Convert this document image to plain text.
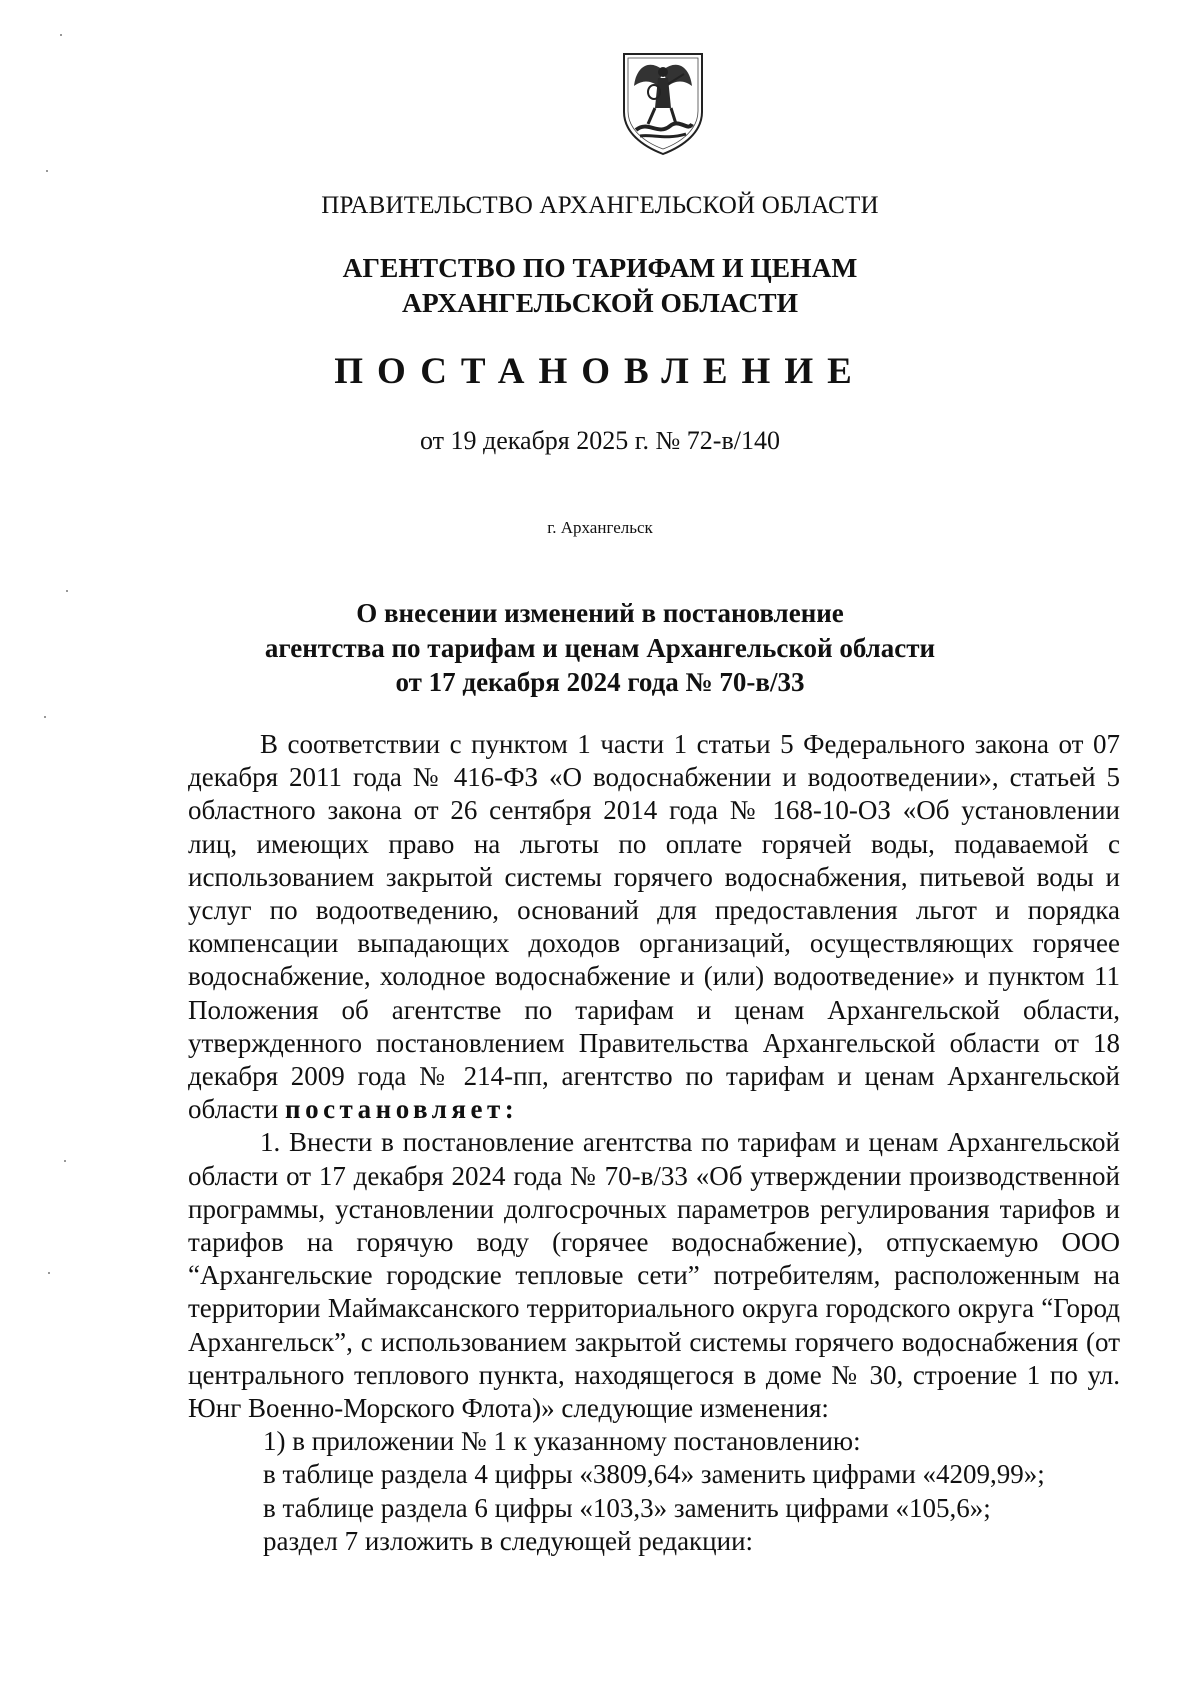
ПРАВИТЕЛЬСТВО АРХАНГЕЛЬСКОЙ ОБЛАСТИ
АГЕНТСТВО ПО ТАРИФАМ И ЦЕНАМ
АРХАНГЕЛЬСКОЙ ОБЛАСТИ
ПОСТАНОВЛЕНИЕ
от 19 декабря 2025 г. № 72-в/140
г. Архангельск
О внесении изменений в постановление
агентства по тарифам и ценам Архангельской области
от 17 декабря 2024 года № 70-в/33

В соответствии с пунктом 1 части 1 статьи 5 Федерального закона от 07 декабря 2011 года № 416-ФЗ «О водоснабжении и водоотведении», статьей 5 областного закона от 26 сентября 2014 года № 168-10-ОЗ «Об установлении лиц, имеющих право на льготы по оплате горячей воды, подаваемой с использованием закрытой системы горячего водоснабжения, питьевой воды и услуг по водоотведению, оснований для предоставления льгот и порядка компенсации выпадающих доходов организаций, осуществляющих горячее водоснабжение, холодное водоснабжение и (или) водоотведение» и пунктом 11 Положения об агентстве по тарифам и ценам Архангельской области, утвержденного постановлением Правительства Архангельской области от 18 декабря 2009 года № 214-пп, агентство по тарифам и ценам Архангельской области постановляет:

1. Внести в постановление агентства по тарифам и ценам Архангельской области от 17 декабря 2024 года № 70-в/33 «Об утверждении производственной программы, установлении долгосрочных параметров регулирования тарифов и тарифов на горячую воду (горячее водоснабжение), отпускаемую ООО “Архангельские городские тепловые сети” потребителям, расположенным на территории Маймаксанского территориального округа городского округа “Город Архангельск”, с использованием закрытой системы горячего водоснабжения (от центрального теплового пункта, находящегося в доме № 30, строение 1 по ул. Юнг Военно-Морского Флота)» следующие изменения:

1) в приложении № 1 к указанному постановлению:

в таблице раздела 4 цифры «3809,64» заменить цифрами «4209,99»;

в таблице раздела 6 цифры «103,3» заменить цифрами «105,6»;

раздел 7 изложить в следующей редакции:
